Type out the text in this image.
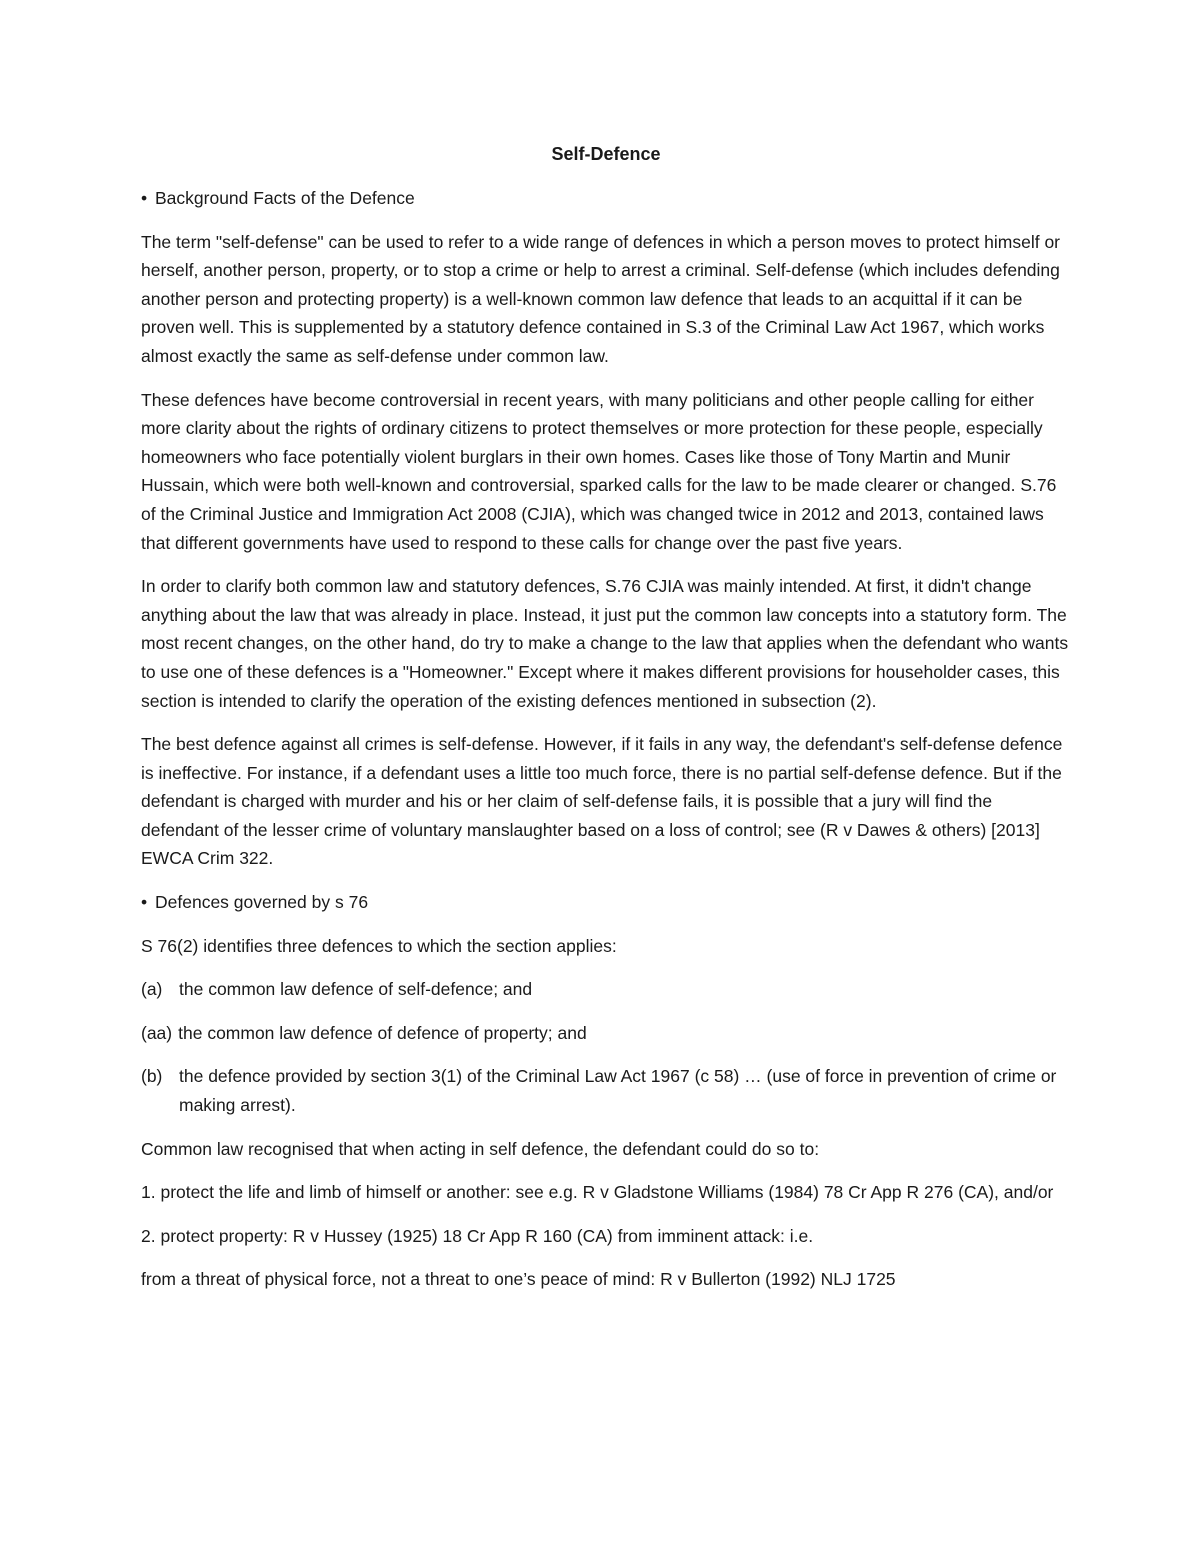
Self-Defence
• Background Facts of the Defence

The term "self-defense" can be used to refer to a wide range of defences in which a person moves to protect himself or herself, another person, property, or to stop a crime or help to arrest a criminal. Self-defense (which includes defending another person and protecting property) is a well-known common law defence that leads to an acquittal if it can be proven well. This is supplemented by a statutory defence contained in S.3 of the Criminal Law Act 1967, which works almost exactly the same as self-defense under common law.

These defences have become controversial in recent years, with many politicians and other people calling for either more clarity about the rights of ordinary citizens to protect themselves or more protection for these people, especially homeowners who face potentially violent burglars in their own homes. Cases like those of Tony Martin and Munir Hussain, which were both well-known and controversial, sparked calls for the law to be made clearer or changed. S.76 of the Criminal Justice and Immigration Act 2008 (CJIA), which was changed twice in 2012 and 2013, contained laws that different governments have used to respond to these calls for change over the past five years.

In order to clarify both common law and statutory defences, S.76 CJIA was mainly intended. At first, it didn't change anything about the law that was already in place. Instead, it just put the common law concepts into a statutory form. The most recent changes, on the other hand, do try to make a change to the law that applies when the defendant who wants to use one of these defences is a "Homeowner." Except where it makes different provisions for householder cases, this section is intended to clarify the operation of the existing defences mentioned in subsection (2).

The best defence against all crimes is self-defense. However, if it fails in any way, the defendant's self-defense defence is ineffective. For instance, if a defendant uses a little too much force, there is no partial self-defense defence. But if the defendant is charged with murder and his or her claim of self-defense fails, it is possible that a jury will find the defendant of the lesser crime of voluntary manslaughter based on a loss of control; see (R v Dawes & others) [2013] EWCA Crim 322.

• Defences governed by s 76

S 76(2) identifies three defences to which the section applies:

(a) the common law defence of self-defence; and
(aa) the common law defence of defence of property; and
(b) the defence provided by section 3(1) of the Criminal Law Act 1967 (c 58) … (use of force in prevention of crime or making arrest).

Common law recognised that when acting in self defence, the defendant could do so to:

1. protect the life and limb of himself or another: see e.g. R v Gladstone Williams (1984) 78 Cr App R 276 (CA), and/or

2. protect property: R v Hussey (1925) 18 Cr App R 160 (CA) from imminent attack: i.e.

from a threat of physical force, not a threat to one’s peace of mind: R v Bullerton (1992) NLJ 1725
